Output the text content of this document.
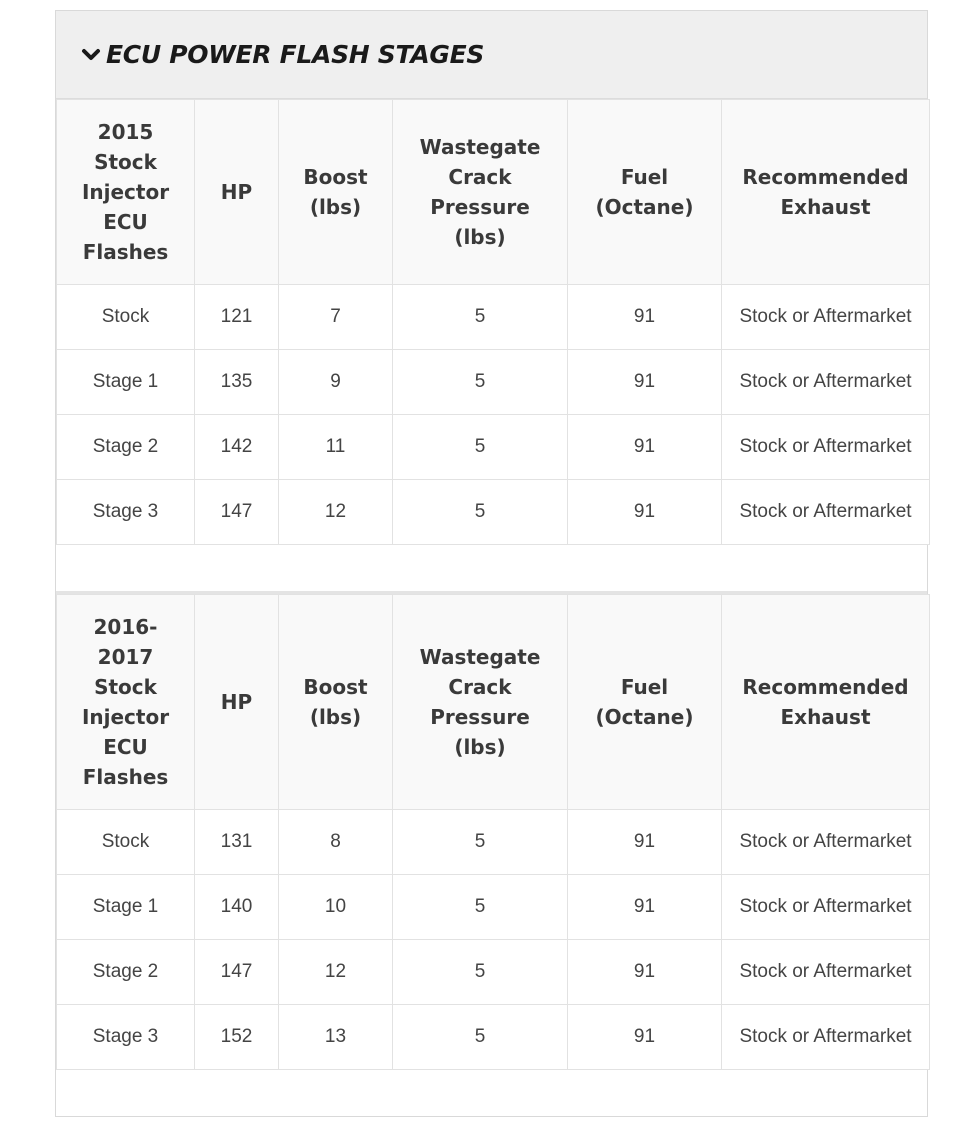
ECU POWER FLASH STAGES
2015 Stock Injector ECU Flashes	HP	Boost (lbs)	Wastegate Crack Pressure (lbs)	Fuel (Octane)	Recommended Exhaust
Stock	121	7	5	91	Stock or Aftermarket
Stage 1	135	9	5	91	Stock or Aftermarket
Stage 2	142	11	5	91	Stock or Aftermarket
Stage 3	147	12	5	91	Stock or Aftermarket
2016-2017 Stock Injector ECU Flashes	HP	Boost (lbs)	Wastegate Crack Pressure (lbs)	Fuel (Octane)	Recommended Exhaust
Stock	131	8	5	91	Stock or Aftermarket
Stage 1	140	10	5	91	Stock or Aftermarket
Stage 2	147	12	5	91	Stock or Aftermarket
Stage 3	152	13	5	91	Stock or Aftermarket
